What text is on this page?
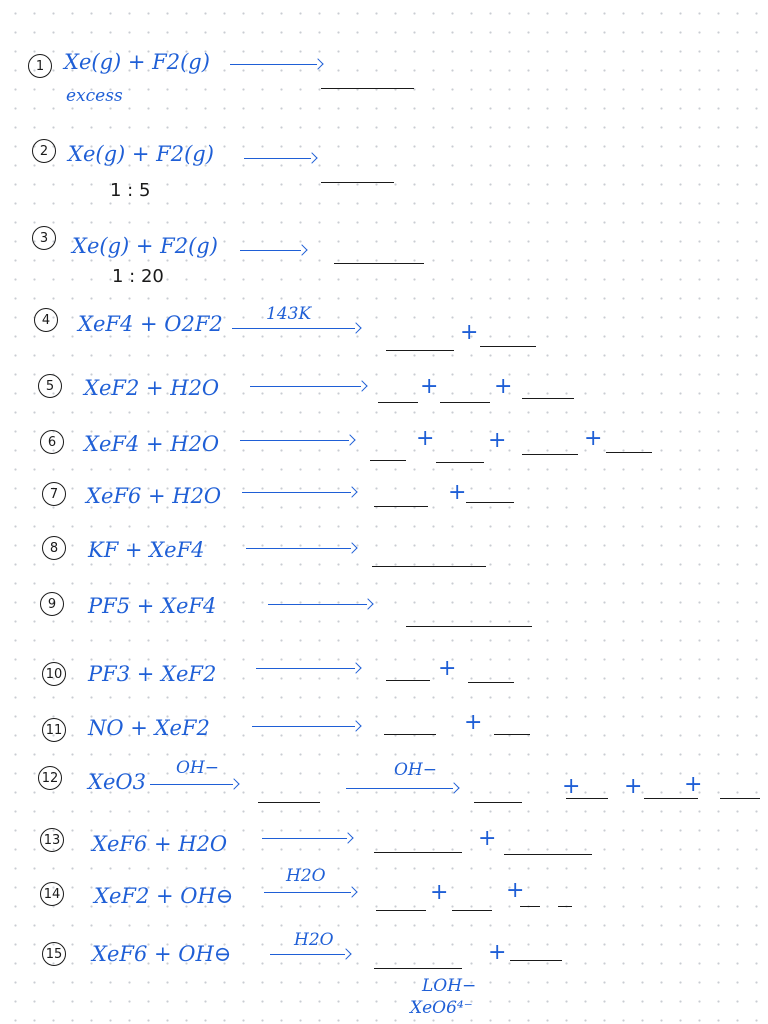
1 Xe(g) + F2(g)
excess
2 Xe(g) + F2(g)
1 : 5
3	Xe(g) + F2(g)
1 : 20
4	XeF4 + O2F2	143K
+
5	XeF2 + H2O	+	+
6	XeF4 + H2O	+ +	+
7	XeF6 + H2O	+
8	KF + XeF4
9	PF5 + XeF4
10 PF3 + XeF2	+
11 NO + XeF2	+
12 XeO3
OH−	OH−
+ + +
13 XeF6 + H2O	+
14 XeF2 + OH⊖
H2O
+	+
15 XeF6 + OH⊖
H2O	+
LOH−
XeO6⁴⁻
